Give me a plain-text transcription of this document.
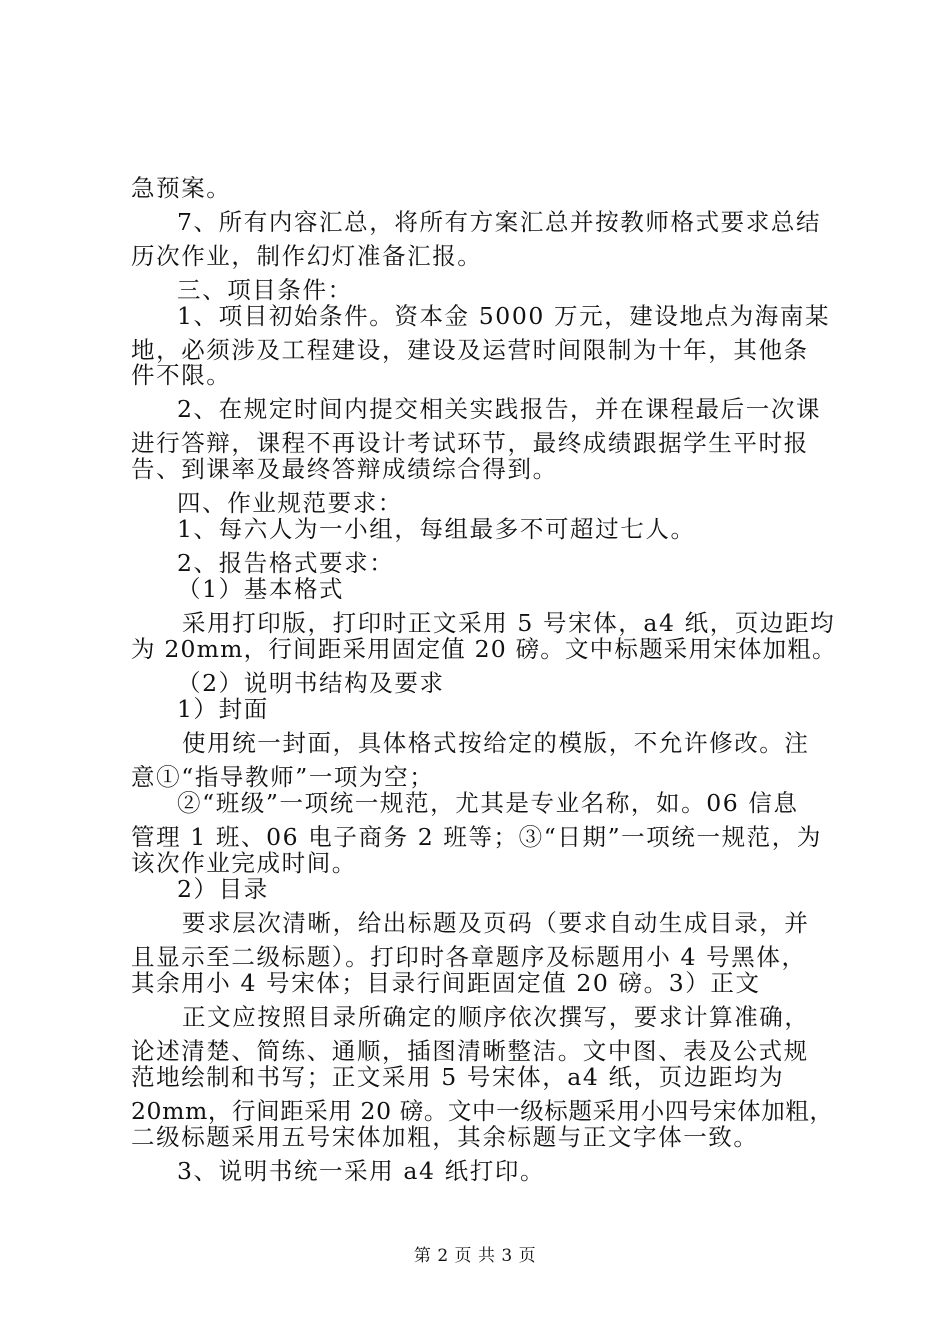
急预案。
7、所有内容汇总，将所有方案汇总并按教师格式要求总结
历次作业，制作幻灯准备汇报。
三、项目条件：
1、项目初始条件。资本金 5000 万元，建设地点为海南某
地，必须涉及工程建设，建设及运营时间限制为十年，其他条
件不限。
2、在规定时间内提交相关实践报告，并在课程最后一次课
进行答辩，课程不再设计考试环节，最终成绩跟据学生平时报
告、到课率及最终答辩成绩综合得到。
四、作业规范要求：
1、每六人为一小组，每组最多不可超过七人。
2、报告格式要求：
（1）基本格式
采用打印版，打印时正文采用 5 号宋体，a4 纸，页边距均
为 20mm，行间距采用固定值 20 磅。文中标题采用宋体加粗。
（2）说明书结构及要求
1）封面
使用统一封面，具体格式按给定的模版，不允许修改。注
意①“指导教师”一项为空；
②“班级”一项统一规范，尤其是专业名称，如。06 信息
管理 1 班、06 电子商务 2 班等；③“日期”一项统一规范，为
该次作业完成时间。
2）目录
要求层次清晰，给出标题及页码（要求自动生成目录，并
且显示至二级标题）。打印时各章题序及标题用小 4 号黑体，
其余用小 4 号宋体；目录行间距固定值 20 磅。3）正文
正文应按照目录所确定的顺序依次撰写，要求计算准确，
论述清楚、简练、通顺，插图清晰整洁。文中图、表及公式规
范地绘制和书写；正文采用 5 号宋体，a4 纸，页边距均为
20mm，行间距采用 20 磅。文中一级标题采用小四号宋体加粗，
二级标题采用五号宋体加粗，其余标题与正文字体一致。
3、说明书统一采用 a4 纸打印。
第 2 页 共 3 页
